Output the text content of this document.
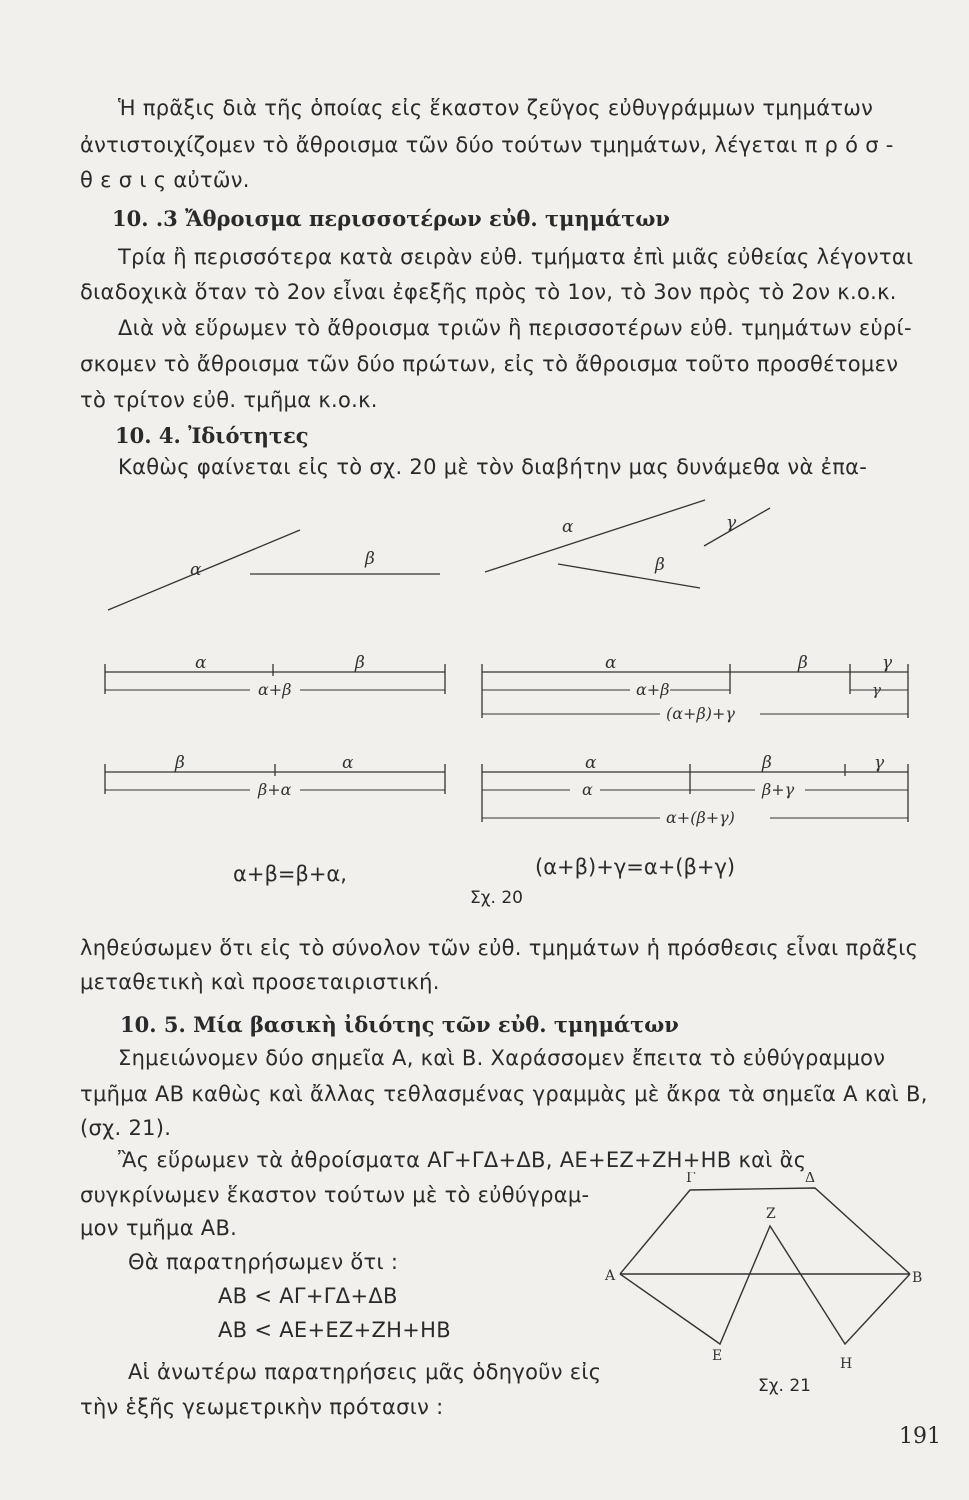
Ἡ πρᾶξις διὰ τῆς ὁποίας εἰς ἕκαστον ζεῦγος εὐθυγράμμων τμημάτων
ἀντιστοιχίζομεν τὸ ἄθροισμα τῶν δύο τούτων τμημάτων, λέγεται π ρ ό σ -
θ ε σ ι ς αὐτῶν.
10. .3 Ἄθροισμα περισσοτέρων εὐθ. τμημάτων
Τρία ἢ περισσότερα κατὰ σειρὰν εὐθ. τμήματα ἐπὶ μιᾶς εὐθείας λέγονται
διαδοχικὰ ὅταν τὸ 2ον εἶναι ἐφεξῆς πρὸς τὸ 1ον, τὸ 3ον πρὸς τὸ 2ον κ.ο.κ.
Διὰ νὰ εὕρωμεν τὸ ἄθροισμα τριῶν ἢ περισσοτέρων εὐθ. τμημάτων εὑρί-
σκομεν τὸ ἄθροισμα τῶν δύο πρώτων, εἰς τὸ ἄθροισμα τοῦτο προσθέτομεν
τὸ τρίτον εὐθ. τμῆμα κ.ο.κ.
10. 4. Ἰδιότητες
Καθὼς φαίνεται εἰς τὸ σχ. 20 μὲ τὸν διαβήτην μας δυνάμεθα νὰ ἐπα-
α
β
α
β
γ
α	β
α+β
α	β	γ
α+β	γ
(α+β)+γ
β	α
β+α
α	β	γ
α	β+γ
α+(β+γ)
α+β=β+α,	(α+β)+γ=α+(β+γ)
Σχ. 20
ληθεύσωμεν ὅτι εἰς τὸ σύνολον τῶν εὐθ. τμημάτων ἡ πρόσθεσις εἶναι πρᾶξις
μεταθετικὴ καὶ προσεταιριστική.
10. 5. Μία βασικὴ ἰδιότης τῶν εὐθ. τμημάτων
Σημειώνομεν δύο σημεῖα Α, καὶ Β. Χαράσσομεν ἔπειτα τὸ εὐθύγραμμον
τμῆμα ΑΒ καθὼς καὶ ἄλλας τεθλασμένας γραμμὰς μὲ ἄκρα τὰ σημεῖα Α καὶ Β,
(σχ. 21).
Ἂς εὕρωμεν τὰ ἀθροίσματα ΑΓ+ΓΔ+ΔΒ, ΑΕ+ΕΖ+ΖΗ+ΗΒ καὶ ἂς
συγκρίνωμεν ἕκαστον τούτων μὲ τὸ εὐθύγραμ-
μον τμῆμα ΑΒ.
Θὰ παρατηρήσωμεν ὅτι :
ΑΒ < ΑΓ+ΓΔ+ΔΒ
ΑΒ < ΑΕ+ΕΖ+ΖΗ+ΗΒ
Αἱ ἀνωτέρω παρατηρήσεις μᾶς ὁδηγοῦν εἰς
τὴν ἑξῆς γεωμετρικὴν πρότασιν :
Α	Β
Γ	Δ
Ε
Ζ
Η
Σχ. 21
191
